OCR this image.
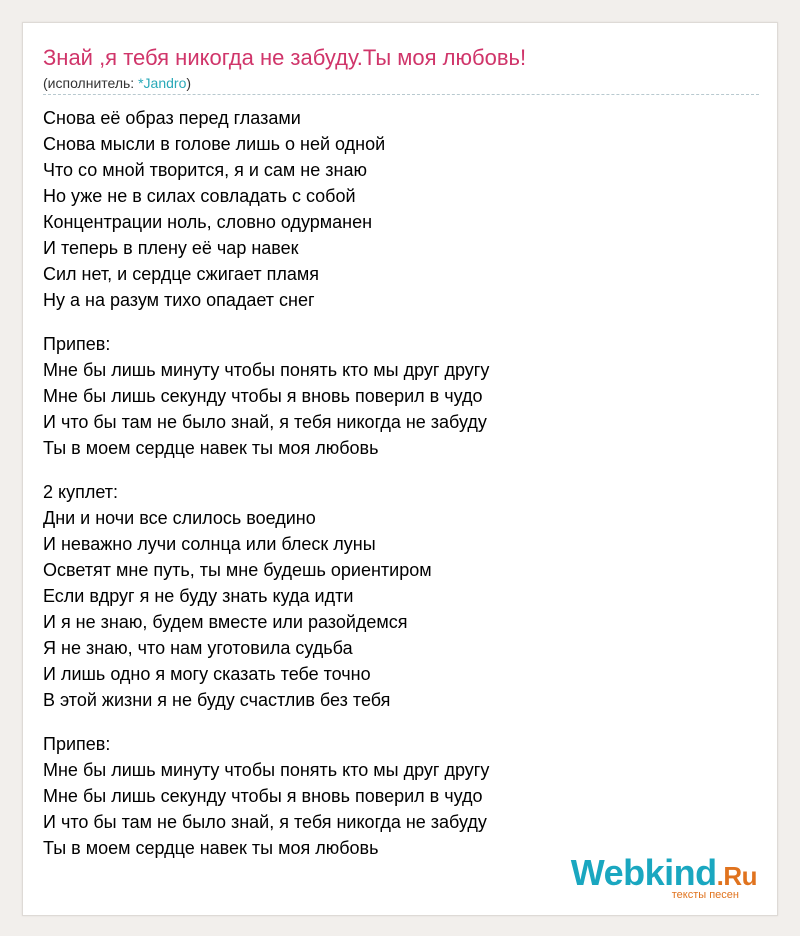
Знай ,я тебя никогда не забуду.Ты моя любовь!
(исполнитель: *Jandro)
Снова её образ перед глазами
Снова мысли в голове лишь о ней одной
Что со мной творится, я и сам не знаю
Но уже не в силах совладать с собой
Концентрации ноль, словно одурманен
И теперь в плену её чар навек
Сил нет, и сердце сжигает пламя
Ну а на разум тихо опадает снег
Припев:
Мне бы лишь минуту чтобы понять кто мы друг другу
Мне бы лишь секунду чтобы я вновь поверил в чудо
И что бы там не было знай, я тебя никогда не забуду
Ты в моем сердце навек ты моя любовь
2 куплет:
Дни и ночи все слилось воедино
И неважно лучи солнца или блеск луны
Осветят мне путь, ты мне будешь ориентиром
Если вдруг я не буду знать куда идти
И я не знаю, будем вместе или разойдемся
Я не знаю, что нам уготовила судьба
И лишь одно я могу сказать тебе точно
В этой жизни я не буду счастлив без тебя
Припев:
Мне бы лишь минуту чтобы понять кто мы друг другу
Мне бы лишь секунду чтобы я вновь поверил в чудо
И что бы там не было знай, я тебя никогда не забуду
Ты в моем сердце навек ты моя любовь
Webkind.Ru
тексты песен
